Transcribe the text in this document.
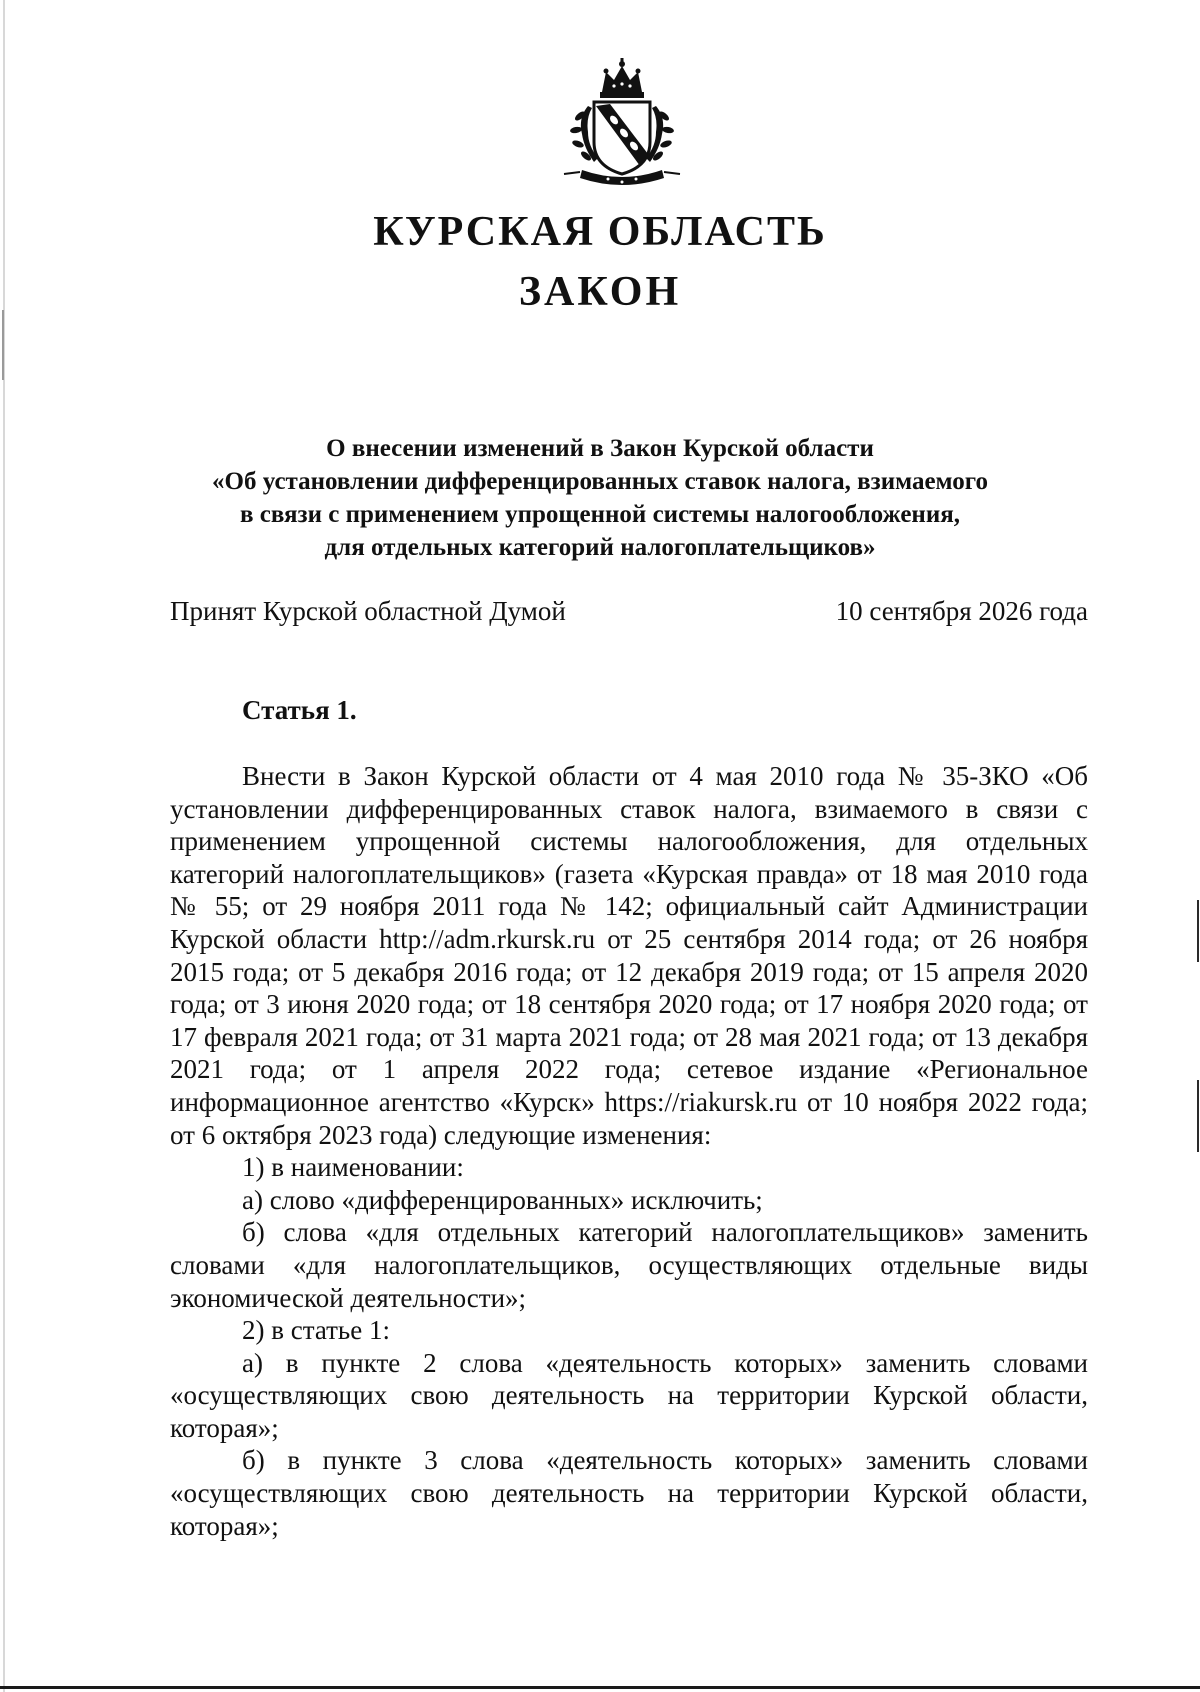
КУРСКАЯ ОБЛАСТЬ
ЗАКОН
О внесении изменений в Закон Курской области
«Об установлении дифференцированных ставок налога, взимаемого
в связи с применением упрощенной системы налогообложения,
для отдельных категорий налогоплательщиков»
Принят Курской областной Думой	10 сентября 2026 года
Статья 1.

Внести в Закон Курской области от 4 мая 2010 года № 35-ЗКО «Об установлении дифференцированных ставок налога, взимаемого в связи с применением упрощенной системы налогообложения, для отдельных категорий налогоплательщиков» (газета «Курская правда» от 18 мая 2010 года № 55; от 29 ноября 2011 года № 142; официальный сайт Администрации Курской области http://adm.rkursk.ru от 25 сентября 2014 года; от 26 ноября 2015 года; от 5 декабря 2016 года; от 12 декабря 2019 года; от 15 апреля 2020 года; от 3 июня 2020 года; от 18 сентября 2020 года; от 17 ноября 2020 года; от 17 февраля 2021 года; от 31 марта 2021 года; от 28 мая 2021 года; от 13 декабря 2021 года; от 1 апреля 2022 года; сетевое издание «Региональное информационное агентство «Курск» https://riakursk.ru от 10 ноября 2022 года; от 6 октября 2023 года) следующие изменения:

1) в наименовании:

а) слово «дифференцированных» исключить;

б) слова «для отдельных категорий налогоплательщиков» заменить словами «для налогоплательщиков, осуществляющих отдельные виды экономической деятельности»;

2) в статье 1:

а) в пункте 2 слова «деятельность которых» заменить словами «осуществляющих свою деятельность на территории Курской области, которая»;

б) в пункте 3 слова «деятельность которых» заменить словами «осуществляющих свою деятельность на территории Курской области, которая»;
